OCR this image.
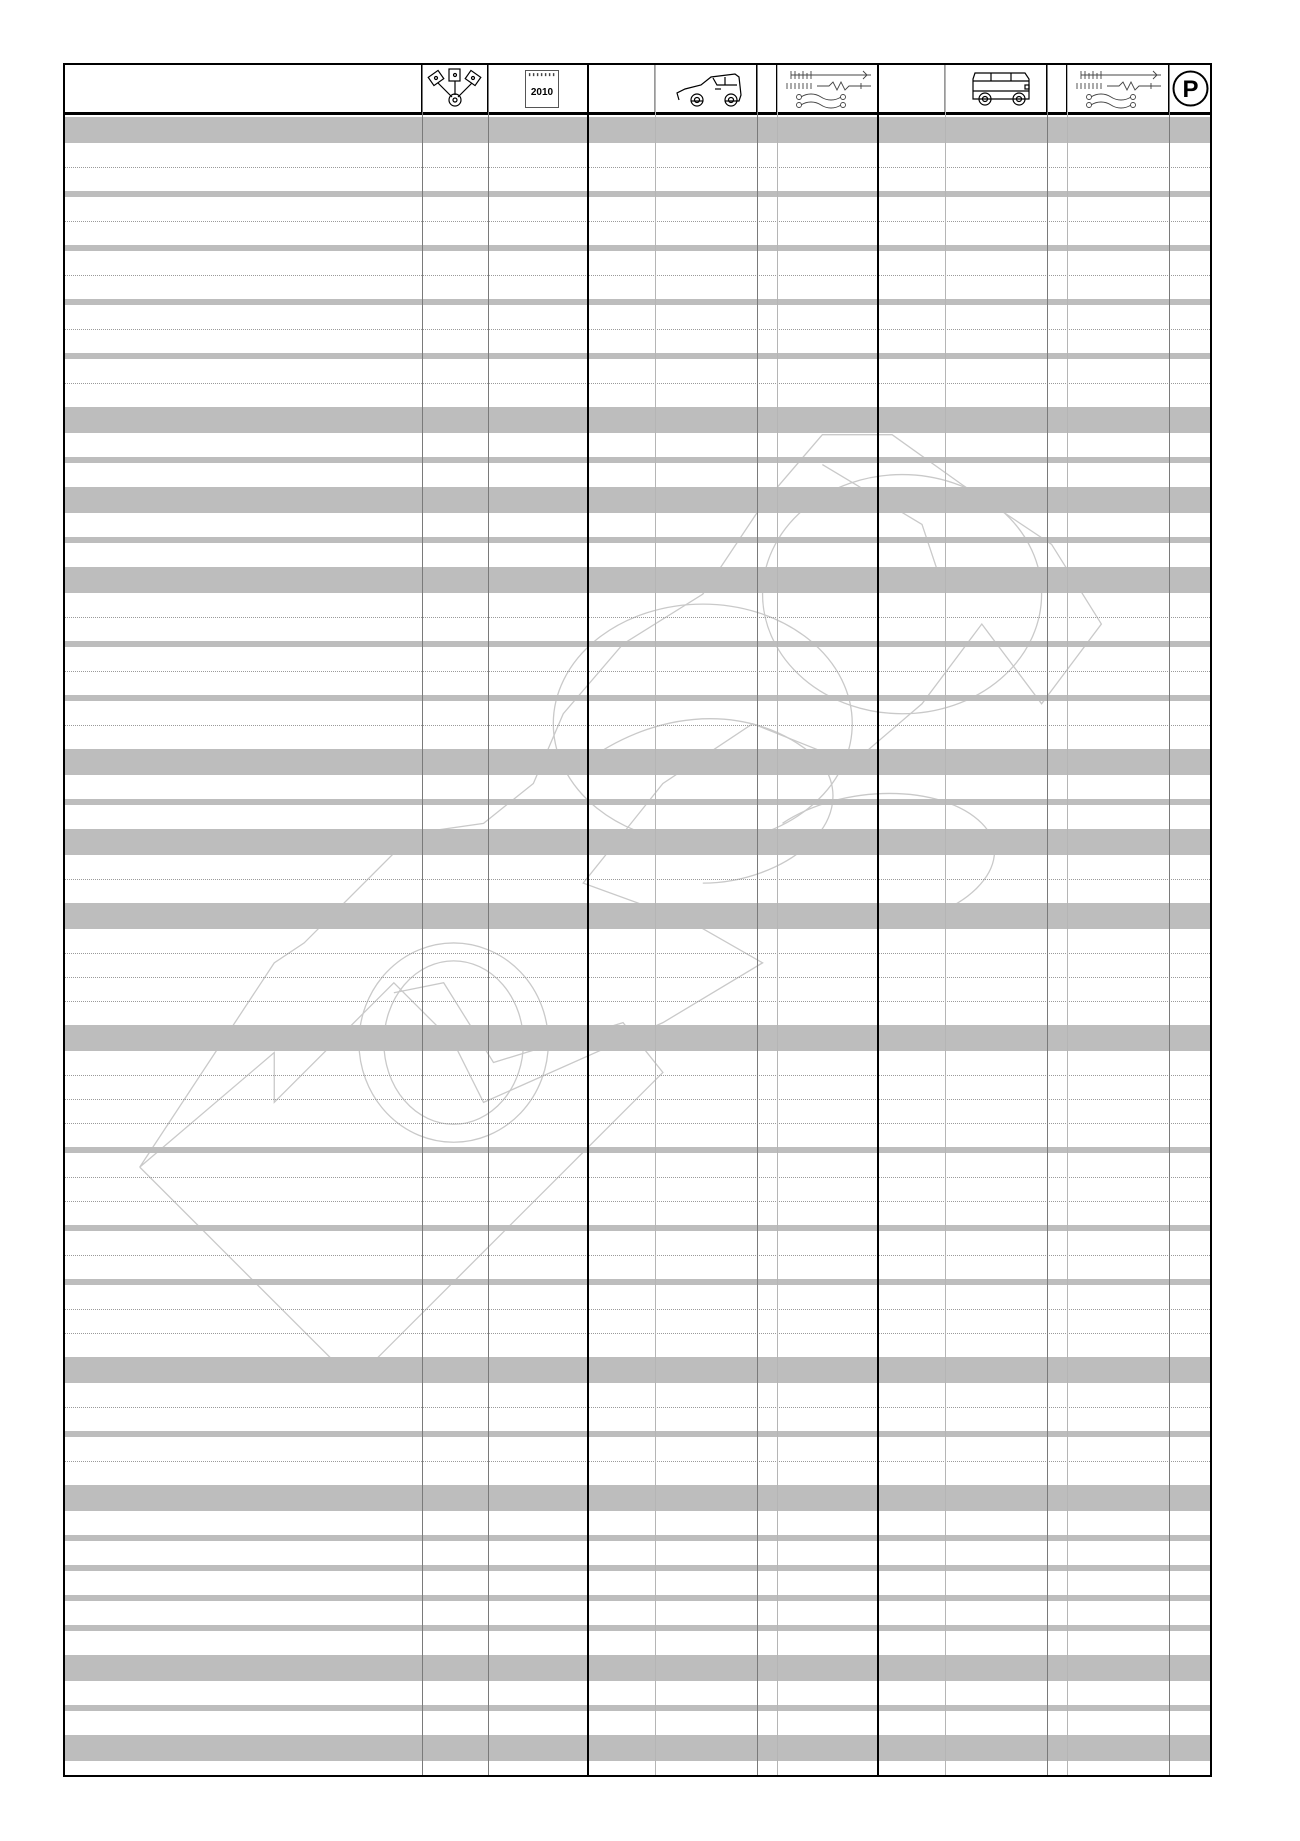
▮▮▮▮▮▮▮
2010	P
